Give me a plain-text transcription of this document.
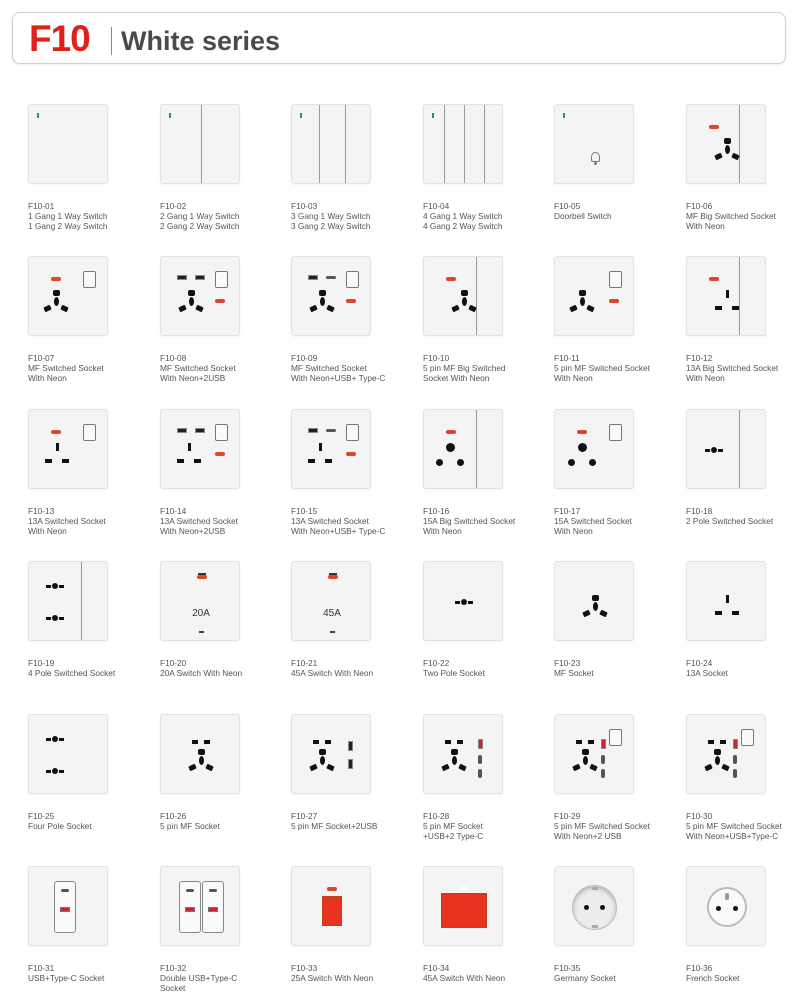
F10 White series
F10-01
1 Gang 1 Way Switch
1 Gang 2 Way Switch
F10-02
2 Gang 1 Way Switch
2 Gang 2 Way Switch
F10-03
3 Gang 1 Way Switch
3 Gang 2 Way Switch
F10-04
4 Gang 1 Way Switch
4 Gang 2 Way Switch
F10-05
Doorbell Switch
F10-06
MF Big Switched Socket
With Neon
F10-07
MF Switched Socket
With Neon
F10-08
MF Switched Socket
With Neon+2USB
F10-09
MF Switched Socket
With Neon+USB+ Type-C
F10-10
5 pin MF Big Switched
Socket With Neon
F10-11
5 pin MF Switched Socket
With Neon
F10-12
13A Big Switched Socket
With Neon
F10-13
13A Switched Socket
With Neon
F10-14
13A Switched Socket
With Neon+2USB
F10-15
13A Switched Socket
With Neon+USB+ Type-C
F10-16
15A Big Switched Socket
With Neon
F10-17
15A Switched Socket
With Neon
F10-18
2 Pole Switched Socket
F10-19
4 Pole Switched Socket
20A
F10-20
20A Switch With Neon
45A
F10-21
45A Switch With Neon
F10-22
Two Pole Socket
F10-23
MF Socket
F10-24
13A Socket
F10-25
Four Pole Socket
F10-26
5 pin MF Socket
F10-27
5 pin MF Socket+2USB
F10-28
5 pin MF Socket
+USB+2 Type-C
F10-29
5 pin MF Switched Socket
With Neon+2 USB
F10-30
5 pin MF Switched Socket
With Neon+USB+Type-C
F10-31
USB+Type-C Socket
F10-32
Double USB+Type-C
Socket
F10-33
25A Switch With Neon
F10-34
45A Switch With Neon
F10-35
Germany Socket
F10-36
French Socket
